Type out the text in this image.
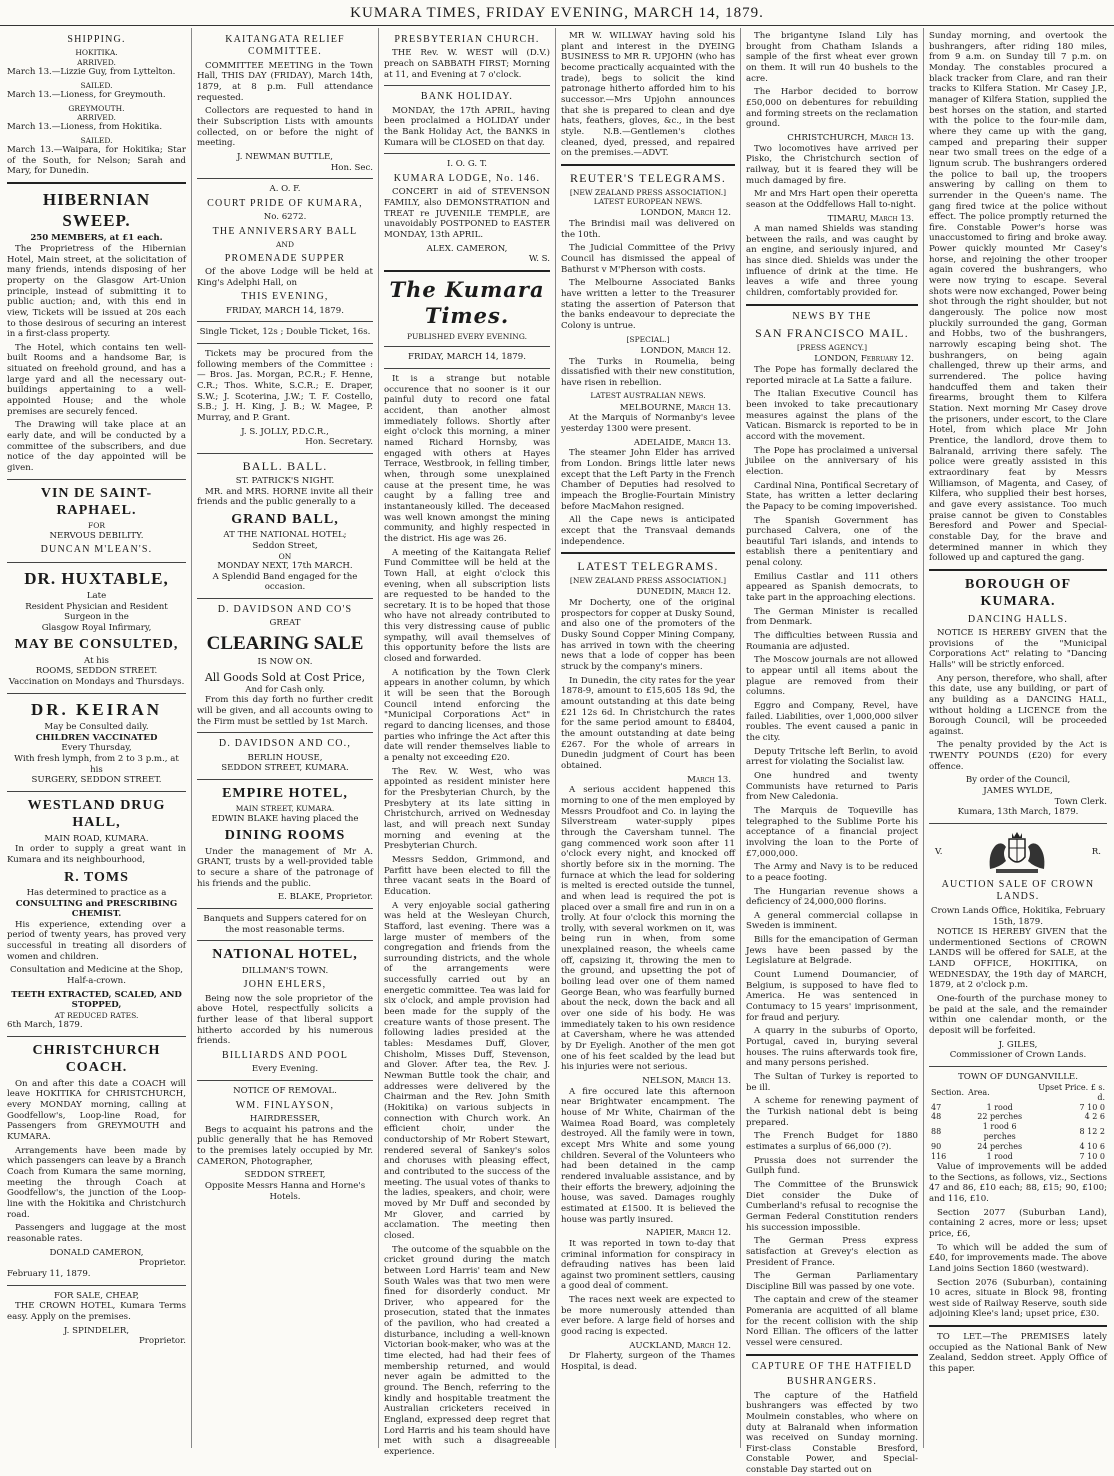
KUMARA TIMES, FRIDAY EVENING, MARCH 14, 1879.
SHIPPING.
HOKITIKA.
ARRIVED.

March 13.—Lizzie Guy, from Lyttelton.

SAILED.

March 13.—Lioness, for Greymouth.

GREYMOUTH.
ARRIVED.

March 13.—Lioness, from Hokitika.

SAILED.

March 13.—Waipara, for Hokitika; Star of the South, for Nelson; Sarah and Mary, for Dunedin.

HIBERNIAN SWEEP.
250 MEMBERS, at £1 each.

The Proprietress of the Hibernian Hotel, Main street, at the solicitation of many friends, intends disposing of her property on the Glasgow Art-Union principle, instead of submitting it to public auction; and, with this end in view, Tickets will be issued at 20s each to those desirous of securing an interest in a first-class property.

The Hotel, which contains ten well-built Rooms and a handsome Bar, is situated on freehold ground, and has a large yard and all the necessary out-buildings appertaining to a well-appointed House; and the whole premises are securely fenced.

The Drawing will take place at an early date, and will be conducted by a committee of the subscribers, and due notice of the day appointed will be given.

VIN DE SAINT-RAPHAEL.
FOR
NERVOUS DEBILITY.
DUNCAN M'LEAN'S.
DR. HUXTABLE,
Late
Resident Physician and Resident Surgeon in the
Glasgow Royal Infirmary,
MAY BE CONSULTED,
At his
ROOMS, SEDDON STREET.

Vaccination on Mondays and Thursdays.

DR. KEIRAN
May be Consulted daily.
CHILDREN VACCINATED
Every Thursday,
With fresh lymph, from 2 to 3 p.m., at his
SURGERY, SEDDON STREET.
WESTLAND DRUG HALL,
MAIN ROAD, KUMARA.

In order to supply a great want in Kumara and its neighbourhood,

R. TOMS
Has determined to practice as a
CONSULTING and PRESCRIBING CHEMIST.

His experience, extending over a period of twenty years, has proved very successful in treating all disorders of women and children.

Consultation and Medicine at the Shop, Half-a-crown.

TEETH EXTRACTED, SCALED, AND STOPPED,
AT REDUCED RATES.
6th March, 1879.
CHRISTCHURCH COACH.

On and after this date a COACH will leave HOKITIKA for CHRISTCHURCH, every MONDAY morning, calling at Goodfellow's, Loop-line Road, for Passengers from GREYMOUTH and KUMARA.

Arrangements have been made by which passengers can leave by a Branch Coach from Kumara the same morning, meeting the through Coach at Goodfellow's, the junction of the Loop-line with the Hokitika and Christchurch road.

Passengers and luggage at the most reasonable rates.

DONALD CAMERON,
Proprietor.
February 11, 1879.
FOR SALE, CHEAP,

THE CROWN HOTEL, Kumara Terms easy. Apply on the premises.

J. SPINDELER,
Proprietor.
KAITANGATA RELIEF COMMITTEE.

COMMITTEE MEETING in the Town Hall, THIS DAY (FRIDAY), March 14th, 1879, at 8 p.m. Full attendance requested.

Collectors are requested to hand in their Subscription Lists with amounts collected, on or before the night of meeting.

J. NEWMAN BUTTLE,
Hon. Sec.
A. O. F.
COURT PRIDE OF KUMARA,
No. 6272.
THE ANNIVERSARY BALL
AND
PROMENADE SUPPER

Of the above Lodge will be held at King's Adelphi Hall, on

THIS EVENING,
FRIDAY, MARCH 14, 1879.

Single Ticket, 12s ; Double Ticket, 16s.

Tickets may be procured from the following members of the Committee :— Bros. Jas. Morgan, P.C.R.; F. Henne, C.R.; Thos. White, S.C.R.; E. Draper, S.W.; J. Scoterina, J.W.; T. F. Costello, S.B.; J. H. King, J. B.; W. Magee, P. Murray, and P. Grant.

J. S. JOLLY, P.D.C.R.,
Hon. Secretary.
BALL. BALL.
ST. PATRICK'S NIGHT.

MR. and MRS. HORNE invite all their friends and the public generally to a

GRAND BALL,
AT THE NATIONAL HOTEL;
Seddon Street,
ON
MONDAY NEXT, 17th MARCH.
A Splendid Band engaged for the occasion.
D. DAVIDSON AND CO'S
GREAT
CLEARING SALE
IS NOW ON.
All Goods Sold at Cost Price,
And for Cash only.

From this day forth no further credit will be given, and all accounts owing to the Firm must be settled by 1st March.

D. DAVIDSON AND CO.,
BERLIN HOUSE,
SEDDON STREET, KUMARA.
EMPIRE HOTEL,
MAIN STREET, KUMARA.
EDWIN BLAKE having placed the
DINING ROOMS

Under the management of Mr A. GRANT, trusts by a well-provided table to secure a share of the patronage of his friends and the public.

E. BLAKE, Proprietor.

Banquets and Suppers catered for on the most reasonable terms.

NATIONAL HOTEL,
DILLMAN'S TOWN.
JOHN EHLERS,

Being now the sole proprietor of the above Hotel, respectfully solicits a further lease of that liberal support hitherto accorded by his numerous friends.

BILLIARDS AND POOL
Every Evening.
NOTICE OF REMOVAL.
WM. FINLAYSON,
HAIRDRESSER,

Begs to acquaint his patrons and the public generally that he has Removed to the premises lately occupied by Mr. CAMERON, Photographer,

SEDDON STREET,
Opposite Messrs Hanna and Horne's Hotels.
PRESBYTERIAN CHURCH.

THE Rev. W. WEST will (D.V.) preach on SABBATH FIRST; Morning at 11, and Evening at 7 o'clock.

BANK HOLIDAY.

MONDAY, the 17th APRIL, having been proclaimed a HOLIDAY under the Bank Holiday Act, the BANKS in Kumara will be CLOSED on that day.

I. O. G. T.
KUMARA LODGE, No. 146.

CONCERT in aid of STEVENSON FAMILY, also DEMONSTRATION and TREAT re JUVENILE TEMPLE, are unavoidably POSTPONED to EASTER MONDAY, 13th APRIL.

ALEX. CAMERON,
W. S.
The Kumara Times.
PUBLISHED EVERY EVENING.
FRIDAY, MARCH 14, 1879.

It is a strange but notable occurence that no sooner is it our painful duty to record one fatal accident, than another almost immediately follows. Shortly after eight o'clock this morning, a miner named Richard Hornsby, was engaged with others at Hayes Terrace, Westbrook, in felling timber, when, through some unexplained cause at the present time, he was caught by a falling tree and instantaneously killed. The deceased was well known amongst the mining community, and highly respected in the district. His age was 26.

A meeting of the Kaitangata Relief Fund Committee will be held at the Town Hall, at eight o'clock this evening, when all subscription lists are requested to be handed to the secretary. It is to be hoped that those who have not already contributed to this very distressing cause of public sympathy, will avail themselves of this opportunity before the lists are closed and forwarded.

A notification by the Town Clerk appears in another column, by which it will be seen that the Borough Council intend enforcing the "Municipal Corporations Act" in regard to dancing licenses, and those parties who infringe the Act after this date will render themselves liable to a penalty not exceeding £20.

The Rev. W. West, who was appointed as resident minister here for the Presbyterian Church, by the Presbytery at its late sitting in Christchurch, arrived on Wednesday last, and will preach next Sunday morning and evening at the Presbyterian Church.

Messrs Seddon, Grimmond, and Parfitt have been elected to fill the three vacant seats in the Board of Education.

A very enjoyable social gathering was held at the Wesleyan Church, Stafford, last evening. There was a large muster of members of the congregation and friends from the surrounding districts, and the whole of the arrangements were successfully carried out by an energetic committee. Tea was laid for six o'clock, and ample provision had been made for the supply of the creature wants of those present. The following ladies presided at the tables: Mesdames Duff, Glover, Chisholm, Misses Duff, Stevenson, and Glover. After tea, the Rev. J. Newman Buttle took the chair, and addresses were delivered by the Chairman and the Rev. John Smith (Hokitika) on various subjects in connection with Church work. An efficient choir, under the conductorship of Mr Robert Stewart, rendered several of Sankey's solos and choruses with pleasing effect, and contributed to the success of the meeting. The usual votes of thanks to the ladies, speakers, and choir, were moved by Mr Duff and seconded by Mr Glover, and carried by acclamation. The meeting then closed.

The outcome of the squabble on the cricket ground during the match between Lord Harris' team and New South Wales was that two men were fined for disorderly conduct. Mr Driver, who appeared for the prosecution, stated that the inmates of the pavilion, who had created a disturbance, including a well-known Victorian book-maker, who was at the time elected, had had their fees of membership returned, and would never again be admitted to the ground. The Bench, referring to the kindly and hospitable treatment the Australian cricketers received in England, expressed deep regret that Lord Harris and his team should have met with such a disagreeable experience.

MR W. WILLWAY having sold his plant and interest in the DYEING BUSINESS to MR R. UPJOHN (who has become practically acquainted with the trade), begs to solicit the kind patronage hitherto afforded him to his successor.—Mrs Upjohn announces that she is prepared to clean and dye hats, feathers, gloves, &c., in the best style. N.B.—Gentlemen's clothes cleaned, dyed, pressed, and repaired on the premises.—ADVT.

REUTER'S TELEGRAMS.
[NEW ZEALAND PRESS ASSOCIATION.]
LATEST EUROPEAN NEWS.
LONDON, March 12.

The Brindisi mail was delivered on the 10th.

The Judicial Committee of the Privy Council has dismissed the appeal of Bathurst v M'Pherson with costs.

The Melbourne Associated Banks have written a letter to the Treasurer stating the assertion of Paterson that the banks endeavour to depreciate the Colony is untrue.

[SPECIAL.]
LONDON, March 12.

The Turks in Roumelia, being dissatisfied with their new constitution, have risen in rebellion.

LATEST AUSTRALIAN NEWS.
MELBOURNE, March 13.

At the Marquis of Normanby's levee yesterday 1300 were present.

ADELAIDE, March 13.

The steamer John Elder has arrived from London. Brings little later news except that the Left Party in the French Chamber of Deputies had resolved to impeach the Broglie-Fourtain Ministry before MacMahon resigned.

All the Cape news is anticipated except that the Transvaal demands independence.

LATEST TELEGRAMS.
[NEW ZEALAND PRESS ASSOCIATION.]
DUNEDIN, March 12.

Mr Docherty, one of the original prospectors for copper at Dusky Sound, and also one of the promoters of the Dusky Sound Copper Mining Company, has arrived in town with the cheering news that a lode of copper has been struck by the company's miners.

In Dunedin, the city rates for the year 1878-9, amount to £15,605 18s 9d, the amount outstanding at this date being £21 12s 6d. In Christchurch the rates for the same period amount to £8404, the amount outstanding at date being £267. For the whole of arrears in Dunedin judgment of Court has been obtained.

March 13.

A serious accident happened this morning to one of the men employed by Messrs Proudfoot and Co. in laying the Silverstream water-supply pipes through the Caversham tunnel. The gang commenced work soon after 11 o'clock every night, and knocked off shortly before six in the morning. The furnace at which the lead for soldering is melted is erected outside the tunnel, and when lead is required the pot is placed over a small fire and run in on a trolly. At four o'clock this morning the trolly, with several workmen on it, was being run in when, from some unexplained reason, the wheels came off, capsizing it, throwing the men to the ground, and upsetting the pot of boiling lead over one of them named George Bean, who was fearfully burned about the neck, down the back and all over one side of his body. He was immediately taken to his own residence at Caversham, where he was attended by Dr Eyeligh. Another of the men got one of his feet scalded by the lead but his injuries were not serious.

NELSON, March 13.

A fire occured late this afternoon near Brightwater encampment. The house of Mr White, Chairman of the Waimea Road Board, was completely destroyed. All the family were in town, except Mrs White and some young children. Several of the Volunteers who had been detained in the camp rendered invaluable assistance, and by their efforts the brewery, adjoining the house, was saved. Damages roughly estimated at £1500. It is believed the house was partly insured.

NAPIER, March 12.

It was reported in town to-day that criminal information for conspiracy in defrauding natives has been laid against two prominent settlers, causing a good deal of comment.

The races next week are expected to be more numerously attended than ever before. A large field of horses and good racing is expected.

AUCKLAND, March 12.

Dr Flaherty, surgeon of the Thames Hospital, is dead.

The brigantyne Island Lily has brought from Chatham Islands a sample of the first wheat ever grown on them. It will run 40 bushels to the acre.

The Harbor decided to borrow £50,000 on debentures for rebuilding and forming streets on the reclamation ground.

CHRISTCHURCH, March 13.

Two locomotives have arrived per Pisko, the Christchurch section of railway, but it is feared they will be much damaged by fire.

Mr and Mrs Hart open their operetta season at the Oddfellows Hall to-night.

TIMARU, March 13.

A man named Shields was standing between the rails, and was caught by an engine, and seriously injured, and has since died. Shields was under the influence of drink at the time. He leaves a wife and three young children, comfortably provided for.

NEWS BY THE
SAN FRANCISCO MAIL.
[PRESS AGENCY.]
LONDON, February 12.

The Pope has formally declared the reported miracle at La Satte a failure.

The Italian Executive Council has been invoked to take precautionary measures against the plans of the Vatican. Bismarck is reported to be in accord with the movement.

The Pope has proclaimed a universal jubilee on the anniversary of his election.

Cardinal Nina, Pontifical Secretary of State, has written a letter declaring the Papacy to be coming impoverished.

The Spanish Government has purchased Calvera, one of the beautiful Tari islands, and intends to establish there a penitentiary and penal colony.

Emilius Castlar and 111 others appeared as Spanish democrats, to take part in the approaching elections.

The German Minister is recalled from Denmark.

The difficulties between Russia and Roumania are adjusted.

The Moscow journals are not allowed to appear until all items about the plague are removed from their columns.

Eggro and Company, Revel, have failed. Liabilities, over 1,000,000 silver roubles. The event caused a panic in the city.

Deputy Tritsche left Berlin, to avoid arrest for violating the Socialist law.

One hundred and twenty Communists have returned to Paris from New Caledonia.

The Marquis de Toqueville has telegraphed to the Sublime Porte his acceptance of a financial project involving the loan to the Porte of £7,000,000.

The Army and Navy is to be reduced to a peace footing.

The Hungarian revenue shows a deficiency of 24,000,000 florins.

A general commercial collapse in Sweden is imminent.

Bills for the emancipation of German Jews have been passed by the Legislature at Belgrade.

Count Lumend Doumancier, of Belgium, is supposed to have fled to America. He was sentenced in Contumacy to 15 years' imprisonment, for fraud and perjury.

A quarry in the suburbs of Oporto, Portugal, caved in, burying several houses. The ruins afterwards took fire, and many persons perished.

The Sultan of Turkey is reported to be ill.

A scheme for renewing payment of the Turkish national debt is being prepared.

The French Budget for 1880 estimates a surplus of 66,000 (?).

Prussia does not surrender the Guilph fund.

The Committee of the Brunswick Diet consider the Duke of Cumberland's refusal to recognise the German Federal Constitution renders his succession impossible.

The German Press express satisfaction at Grevey's election as President of France.

The German Parliamentary Discipline Bill was passed by one vote.

The captain and crew of the steamer Pomerania are acquitted of all blame for the recent collision with the ship Nord Ellian. The officers of the latter vessel were censured.

CAPTURE OF THE HATFIELD
BUSHRANGERS.

The capture of the Hatfield bushrangers was effected by two Moulmein constables, who where on duty at Balranald when information was received on Sunday morning. First-class Constable Bresford, Constable Power, and Special-constable Day started out on

Sunday morning, and overtook the bushrangers, after riding 180 miles, from 9 a.m. on Sunday till 7 p.m. on Monday. The constables procured a black tracker from Clare, and ran their tracks to Kilfera Station. Mr Casey J.P., manager of Kilfera Station, supplied the best horses on the station, and started with the police to the four-mile dam, where they came up with the gang, camped and preparing their supper near two small trees on the edge of a lignum scrub. The bushrangers ordered the police to bail up, the troopers answering by calling on them to surrender in the Queen's name. The gang fired twice at the police without effect. The police promptly returned the fire. Constable Power's horse was unaccustomed to firing and broke away. Power quickly mounted Mr Casey's horse, and rejoining the other trooper again covered the bushrangers, who were now trying to escape. Several shots were now exchanged, Power being shot through the right shoulder, but not dangerously. The police now most pluckily surrounded the gang, Gorman and Hobbs, two of the bushrangers, narrowly escaping being shot. The bushrangers, on being again challenged, threw up their arms, and surrendered. The police having handcuffed them and taken their firearms, brought them to Kilfera Station. Next morning Mr Casey drove the prisoners, under escort, to the Clare Hotel, from which place Mr John Prentice, the landlord, drove them to Balranald, arriving there safely. The police were greatly assisted in this extraordinary feat by Messrs Williamson, of Magenta, and Casey, of Kilfera, who supplied their best horses, and gave every assistance. Too much praise cannot be given to Constables Beresford and Power and Special-constable Day, for the brave and determined manner in which they followed up and captured the gang.

BOROUGH OF KUMARA.
DANCING HALLS.

NOTICE IS HEREBY GIVEN that the provisions of the "Municipal Corporations Act" relating to "Dancing Halls" will be strictly enforced.

Any person, therefore, who shall, after this date, use any building, or part of any building as a DANCING HALL, without holding a LICENCE from the Borough Council, will be proceeded against.

The penalty provided by the Act is TWENTY POUNDS (£20) for every offence.

By order of the Council,
JAMES WYLDE,
Town Clerk.
Kumara, 13th March, 1879.
V.	R.
AUCTION SALE OF CROWN LANDS.
Crown Lands Office, Hokitika, February 15th, 1879.

NOTICE IS HEREBY GIVEN that the undermentioned Sections of CROWN LANDS will be offered for SALE, at the LAND OFFICE, HOKITIKA, on WEDNESDAY, the 19th day of MARCH, 1879, at 2 o'clock p.m.

One-fourth of the purchase money to be paid at the sale, and the remainder within one calendar month, or the deposit will be forfeited.

J. GILES,
Commissioner of Crown Lands.
TOWN OF DUNGANVILLE.
Section.	Area.	Upset Price. £ s. d.
47	1 rood	7 10 0
48	22 perches	4 2 6
88	1 rood 6 perches	8 12 2
90	24 perches	4 10 6
116	1 rood	7 10 0

Value of improvements will be added to the Sections, as follows, viz., Sections 47 and 86, £10 each; 88, £15; 90, £100; and 116, £10.

Section 2077 (Suburban Land), containing 2 acres, more or less; upset price, £6,

To which will be added the sum of £40, for improvements made. The above Land joins Section 1860 (westward).

Section 2076 (Suburban), containing 10 acres, situate in Block 98, fronting west side of Railway Reserve, south side adjoining Klee's land; upset price, £30.

TO LET.—The PREMISES lately occupied as the National Bank of New Zealand, Seddon street. Apply Office of this paper.
